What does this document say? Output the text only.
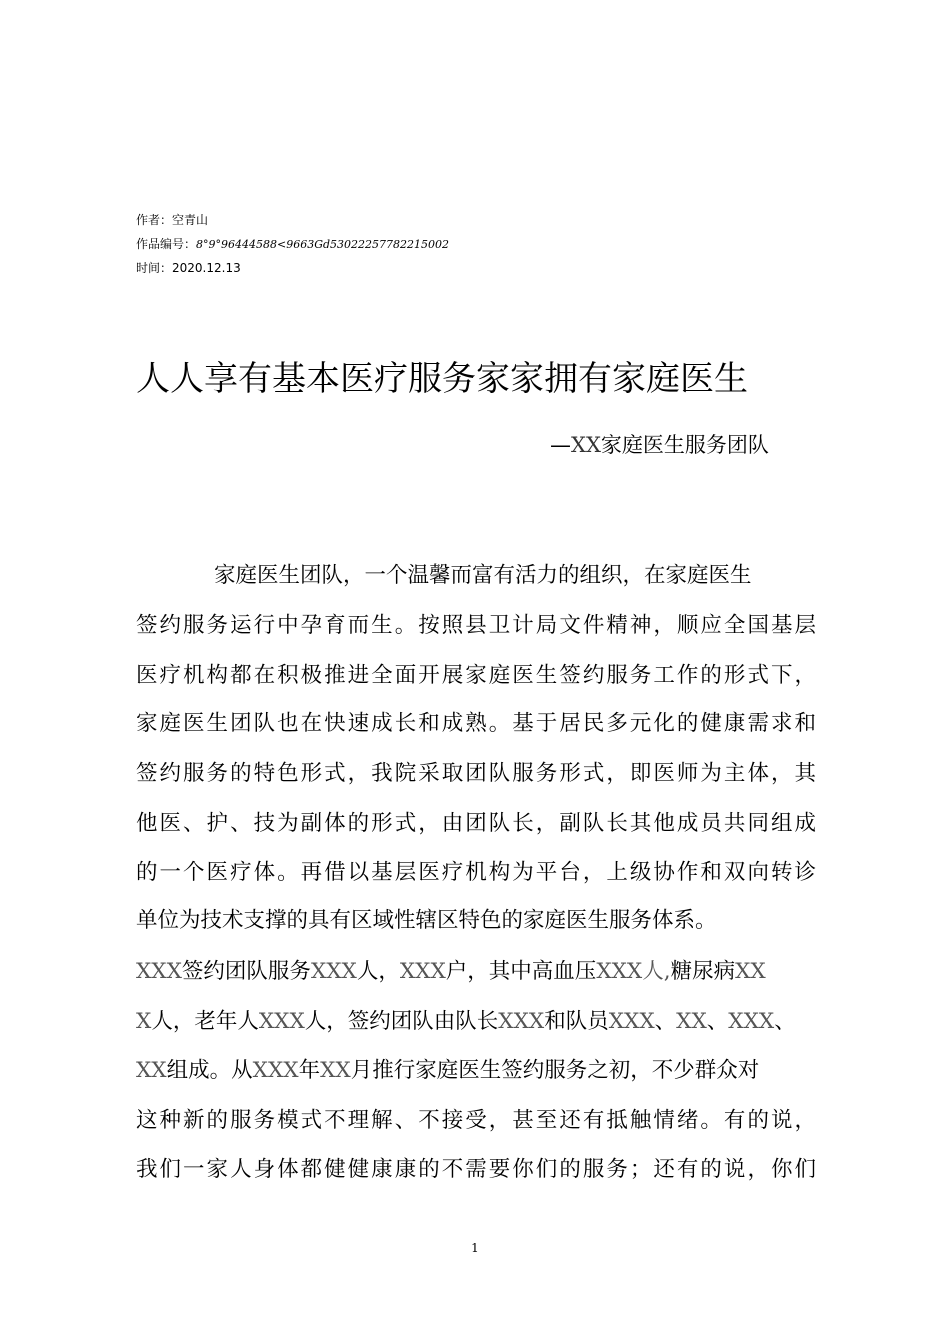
作者：空青山
作品编号：8°9°96444588<9663Gd53022257782215002
时间：2020.12.13
人人享有基本医疗服务家家拥有家庭医生
—XX家庭医生服务团队
家庭医生团队，一个温馨而富有活力的组织，在家庭医生
签约服务运行中孕育而生。按照县卫计局文件精神，顺应全国基层
医疗机构都在积极推进全面开展家庭医生签约服务工作的形式下，
家庭医生团队也在快速成长和成熟。基于居民多元化的健康需求和
签约服务的特色形式，我院采取团队服务形式，即医师为主体，其
他医、护、技为副体的形式，由团队长，副队长其他成员共同组成
的一个医疗体。再借以基层医疗机构为平台，上级协作和双向转诊
单位为技术支撑的具有区域性辖区特色的家庭医生服务体系。
XXX签约团队服务XXX人，XXX户，其中高血压XXX人,糖尿病XX
X人，老年人XXX人，签约团队由队长XXX和队员XXX、XX、XXX、
XX组成。从XXX年XX月推行家庭医生签约服务之初，不少群众对
这种新的服务模式不理解、不接受，甚至还有抵触情绪。有的说，
我们一家人身体都健健康康的不需要你们的服务；还有的说，你们
1
